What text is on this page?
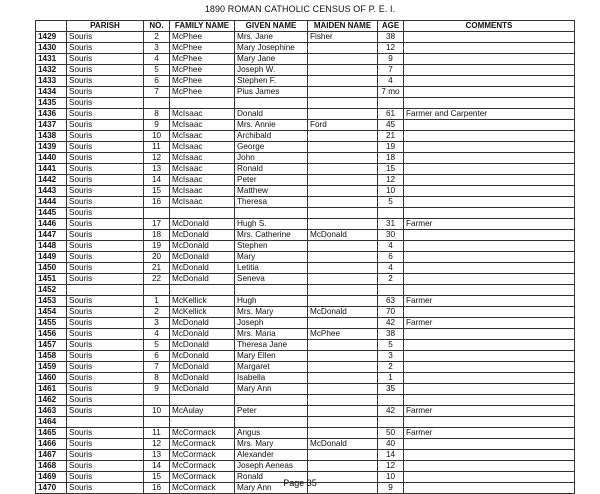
1890 ROMAN CATHOLIC CENSUS OF P. E. I.
	PARISH	NO.	FAMILY NAME	GIVEN NAME	MAIDEN NAME	AGE	COMMENTS
1429	Souris	2	McPhee	Mrs. Jane	Fisher	38	
1430	Souris	3	McPhee	Mary Josephine		12	
1431	Souris	4	McPhee	Mary Jane		9	
1432	Souris	5	McPhee	Joseph W.		7	
1433	Souris	6	McPhee	Stephen F.		4	
1434	Souris	7	McPhee	Pius James		7 mo	
1435	Souris						
1436	Souris	8	McIsaac	Donald		61	Farmer and Carpenter
1437	Souris	9	McIsaac	Mrs. Annie	Ford	45	
1438	Souris	10	McIsaac	Archibald		21	
1439	Souris	11	McIsaac	George		19	
1440	Souris	12	McIsaac	John		18	
1441	Souris	13	McIsaac	Ronald		15	
1442	Souris	14	McIsaac	Peter		12	
1443	Souris	15	McIsaac	Matthew		10	
1444	Souris	16	McIsaac	Theresa		5	
1445	Souris						
1446	Souris	17	McDonald	Hugh S.		31	Farmer
1447	Souris	18	McDonald	Mrs. Catherine	McDonald	30	
1448	Souris	19	McDonald	Stephen		4	
1449	Souris	20	McDonald	Mary		6	
1450	Souris	21	McDonald	Letitia		4	
1451	Souris	22	McDonald	Seneva		2	
1452							
1453	Souris	1	McKellick	Hugh		63	Farmer
1454	Souris	2	McKellick	Mrs. Mary	McDonald	70	
1455	Souris	3	McDonald	Joseph		42	Farmer
1456	Souris	4	McDonald	Mrs. Maria	McPhee	38	
1457	Souris	5	McDonald	Theresa Jane		5	
1458	Souris	6	McDonald	Mary Ellen		3	
1459	Souris	7	McDonald	Margaret		2	
1460	Souris	8	McDonald	Isabella		1	
1461	Souris	9	McDonald	Mary Ann		35	
1462	Souris						
1463	Souris	10	McAulay	Peter		42	Farmer
1464							
1465	Souris	11	McCormack	Angus		50	Farmer
1466	Souris	12	McCormack	Mrs. Mary	McDonald	40	
1467	Souris	13	McCormack	Alexander		14	
1468	Souris	14	McCormack	Joseph Aeneas		12	
1469	Souris	15	McCormack	Ronald		10	
1470	Souris	16	McCormack	Mary Ann		9	
Page 35
